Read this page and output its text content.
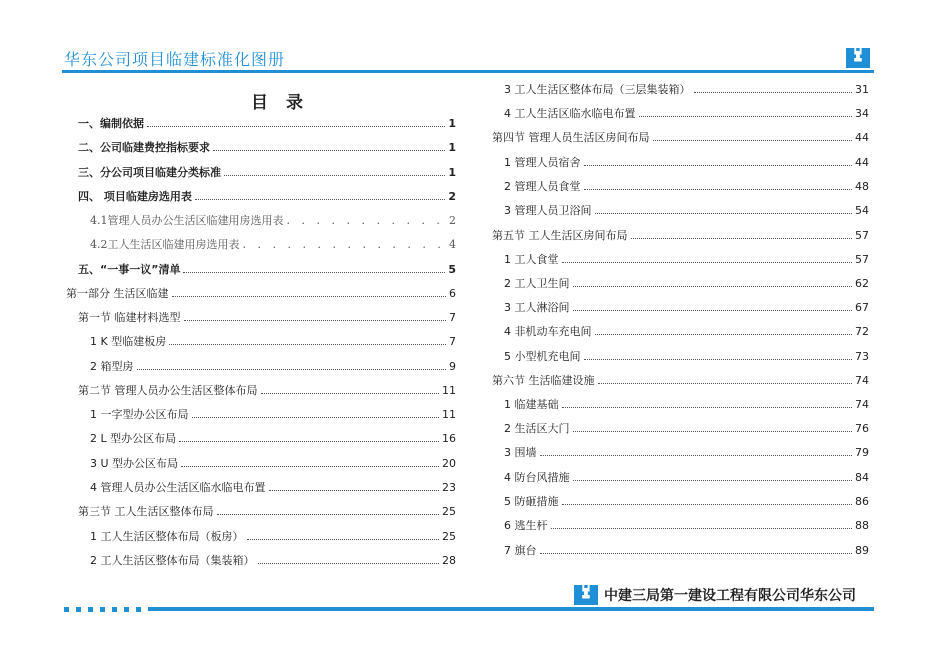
华东公司项目临建标准化图册	▙▟
▟▙
目 录
一、编制依据	1
二、公司临建费控指标要求	1
三、分公司项目临建分类标准	1
四、 项目临建房选用表	2
4.1管理人员办公生活区临建用房选用表 . . .	2
4.2工人生活区临建用房选用表 . . .	4
五、“一事一议”清单	5
第一部分 生活区临建	6
第一节 临建材料选型	7
1 K 型临建板房	7
2 箱型房	9
第二节 管理人员办公生活区整体布局	11
1 一字型办公区布局	11
2 L 型办公区布局	16
3 U 型办公区布局	20
4 管理人员办公生活区临水临电布置	23
第三节 工人生活区整体布局	25
1 工人生活区整体布局（板房）	25
2 工人生活区整体布局（集装箱）	28
3 工人生活区整体布局（三层集装箱）	31
4 工人生活区临水临电布置	34
第四节 管理人员生活区房间布局	44
1 管理人员宿舍	44
2 管理人员食堂	48
3 管理人员卫浴间	54
第五节 工人生活区房间布局	57
1 工人食堂	57
2 工人卫生间	62
3 工人淋浴间	67
4 非机动车充电间	72
5 小型机充电间	73
第六节 生活临建设施	74
1 临建基础	74
2 生活区大门	76
3 围墙	79
4 防台风措施	84
5 防砸措施	86
6 逃生杆	88
7 旗台	89
▙▟
▟▙	中建三局第一建设工程有限公司华东公司
